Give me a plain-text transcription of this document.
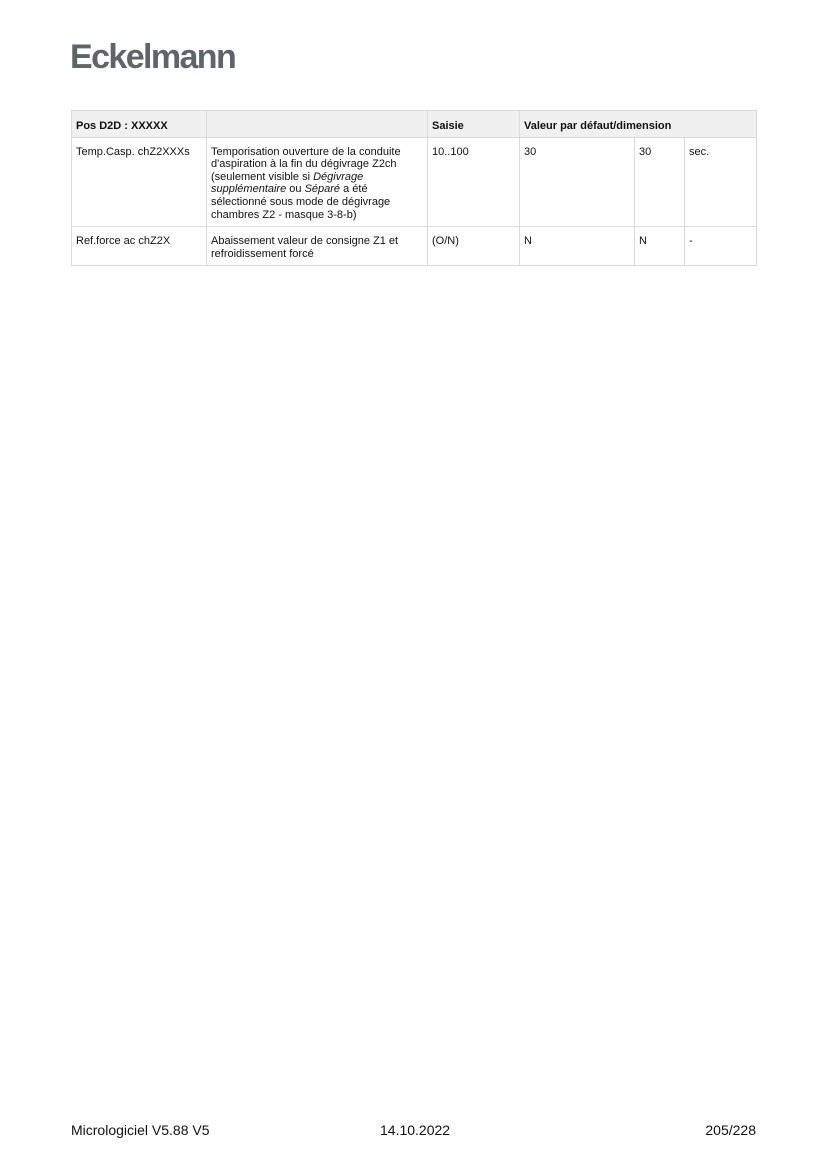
Eckelmann
Pos D2D : XXXXX		Saisie	Valeur par défaut/dimension		
Temp.Casp. chZ2XXXs	Temporisation ouverture de la conduite d'aspiration à la fin du dégivrage Z2ch (seulement visible si Dégivrage supplémentaire ou Séparé a été sélectionné sous mode de dégivrage chambres Z2 - masque 3-8-b)	10..100	30	30	sec.
Ref.force ac chZ2X	Abaissement valeur de consigne Z1 et refroidissement forcé	(O/N)	N	N	-
Micrologiciel V5.88 V5	14.10.2022	205/228
